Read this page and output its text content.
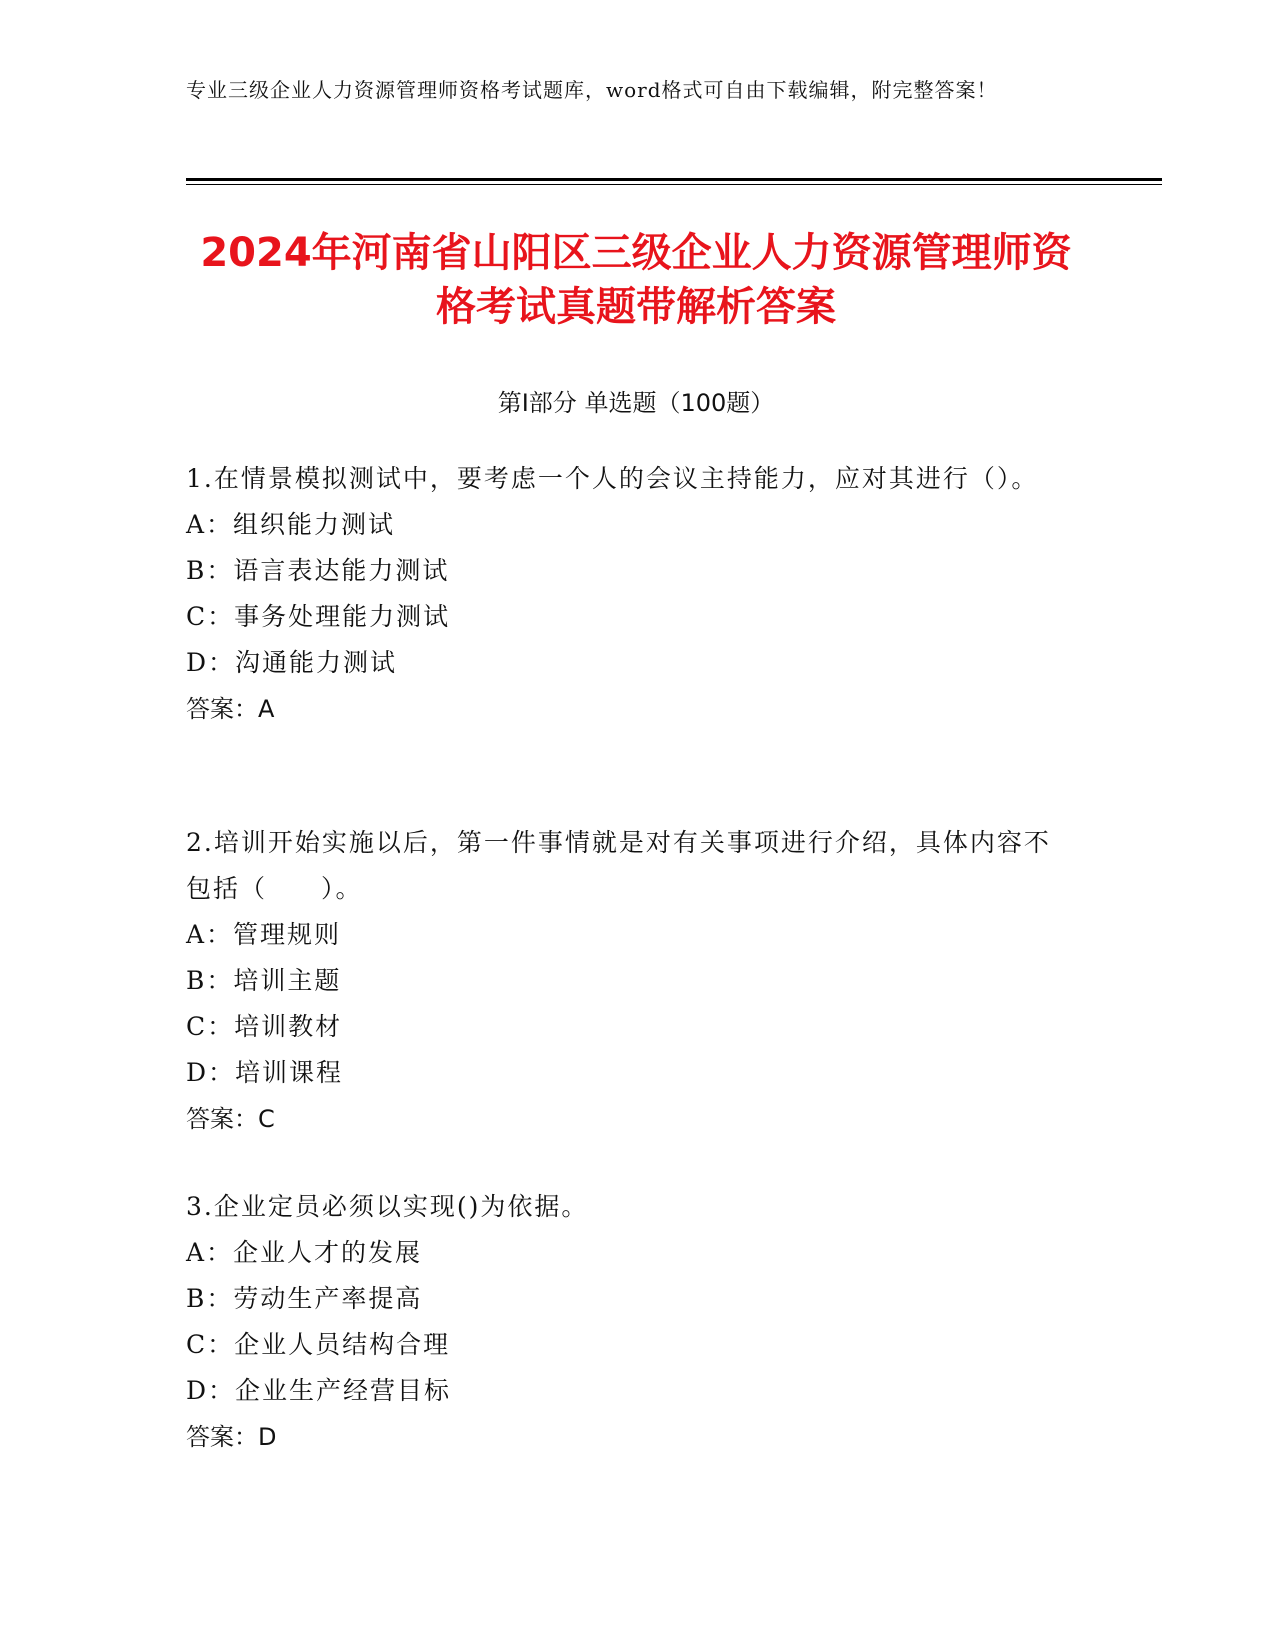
专业三级企业人力资源管理师资格考试题库，word格式可自由下载编辑，附完整答案！
2024年河南省山阳区三级企业人力资源管理师资格考试真题带解析答案
第I部分 单选题（100题）
1.在情景模拟测试中，要考虑一个人的会议主持能力，应对其进行（）。
A：组织能力测试
B：语言表达能力测试
C：事务处理能力测试
D：沟通能力测试
答案：A
2.培训开始实施以后，第一件事情就是对有关事项进行介绍，具体内容不包括（　　）。
A：管理规则
B：培训主题
C：培训教材
D：培训课程
答案：C
3.企业定员必须以实现()为依据。
A：企业人才的发展
B：劳动生产率提高
C：企业人员结构合理
D：企业生产经营目标
答案：D
